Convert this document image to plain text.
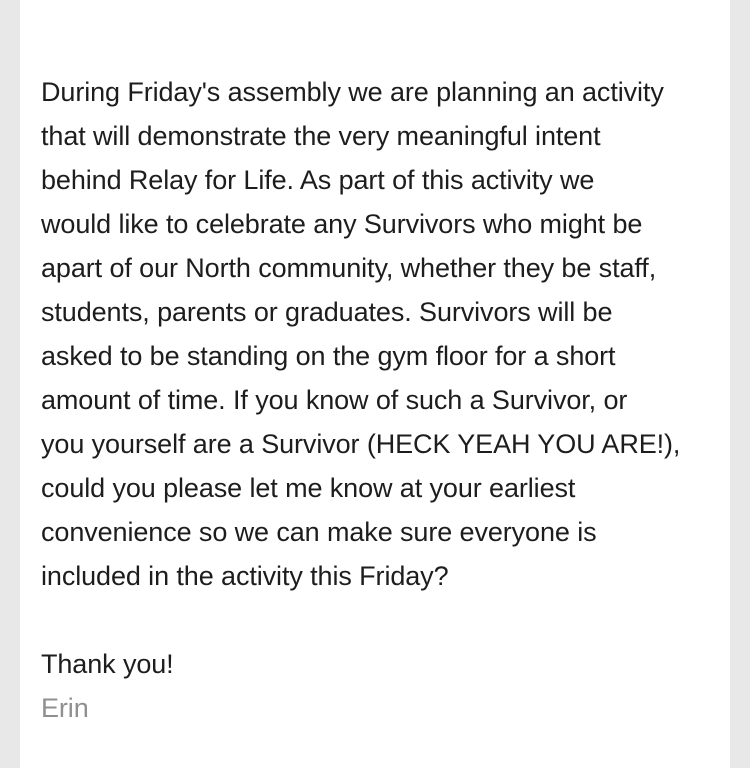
During Friday's assembly we are planning an activity

that will demonstrate the very meaningful intent

behind Relay for Life. As part of this activity we

would like to celebrate any Survivors who might be

apart of our North community, whether they be staff,

students, parents or graduates. Survivors will be

asked to be standing on the gym floor for a short

amount of time. If you know of such a Survivor, or

you yourself are a Survivor (HECK YEAH YOU ARE!),

could you please let me know at your earliest

convenience so we can make sure everyone is

included in the activity this Friday?

Thank you!

Erin
